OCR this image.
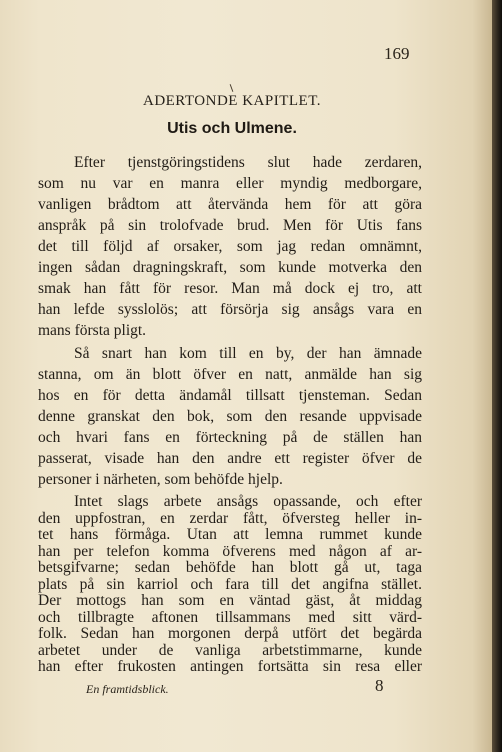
169
ADERTONDE KAPITLET.
Utis och Ulmene.
Efter tjenstgöringstidens slut hade zerdaren,
som nu var en manra eller myndig medborgare,
vanligen brådtom att återvända hem för att göra
anspråk på sin trolofvade brud. Men för Utis fans
det till följd af orsaker, som jag redan omnämnt,
ingen sådan dragningskraft, som kunde motverka den
smak han fått för resor. Man må dock ej tro, att
han lefde sysslolös; att försörja sig ansågs vara en
mans första pligt.
Så snart han kom till en by, der han ämnade
stanna, om än blott öfver en natt, anmälde han sig
hos en för detta ändamål tillsatt tjensteman. Sedan
denne granskat den bok, som den resande uppvisade
och hvari fans en förteckning på de ställen han
passerat, visade han den andre ett register öfver de
personer i närheten, som behöfde hjelp.
Intet slags arbete ansågs opassande, och efter
den uppfostran, en zerdar fått, öfversteg heller in-
tet hans förmåga. Utan att lemna rummet kunde
han per telefon komma öfverens med någon af ar-
betsgifvarne; sedan behöfde han blott gå ut, taga
plats på sin karriol och fara till det angifna stället.
Der mottogs han som en väntad gäst, åt middag
och tillbragte aftonen tillsammans med sitt värd-
En framtidsblick.	8
folk. Sedan han morgonen derpå utfört det begärda
arbetet under de vanliga arbetstimmarne, kunde
han efter frukosten antingen fortsätta sin resa eller
